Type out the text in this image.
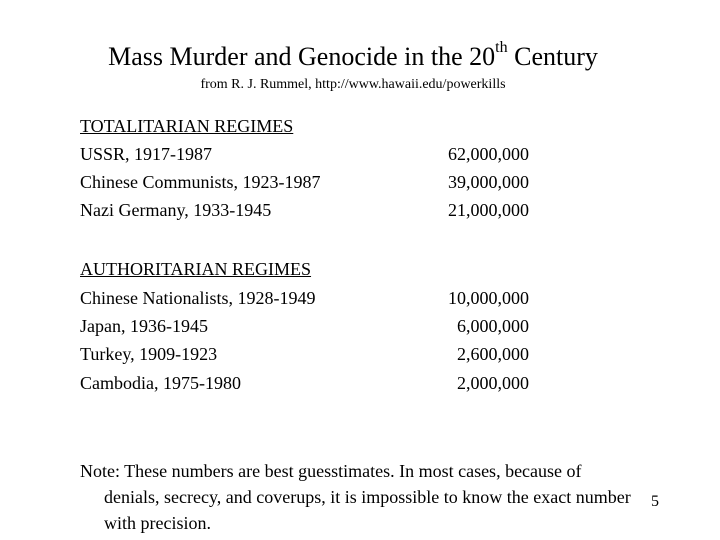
Mass Murder and Genocide in the 20th Century
from R. J. Rummel, http://www.hawaii.edu/powerkills
TOTALITARIAN REGIMES
USSR, 1917-1987	62,000,000
Chinese Communists, 1923-1987	39,000,000
Nazi Germany, 1933-1945	21,000,000
AUTHORITARIAN REGIMES
Chinese Nationalists, 1928-1949	10,000,000
Japan, 1936-1945	6,000,000
Turkey, 1909-1923	2,600,000
Cambodia, 1975-1980	2,000,000
Note: These numbers are best guesstimates. In most cases, because of denials, secrecy, and coverups, it is impossible to know the exact number with precision.
5
